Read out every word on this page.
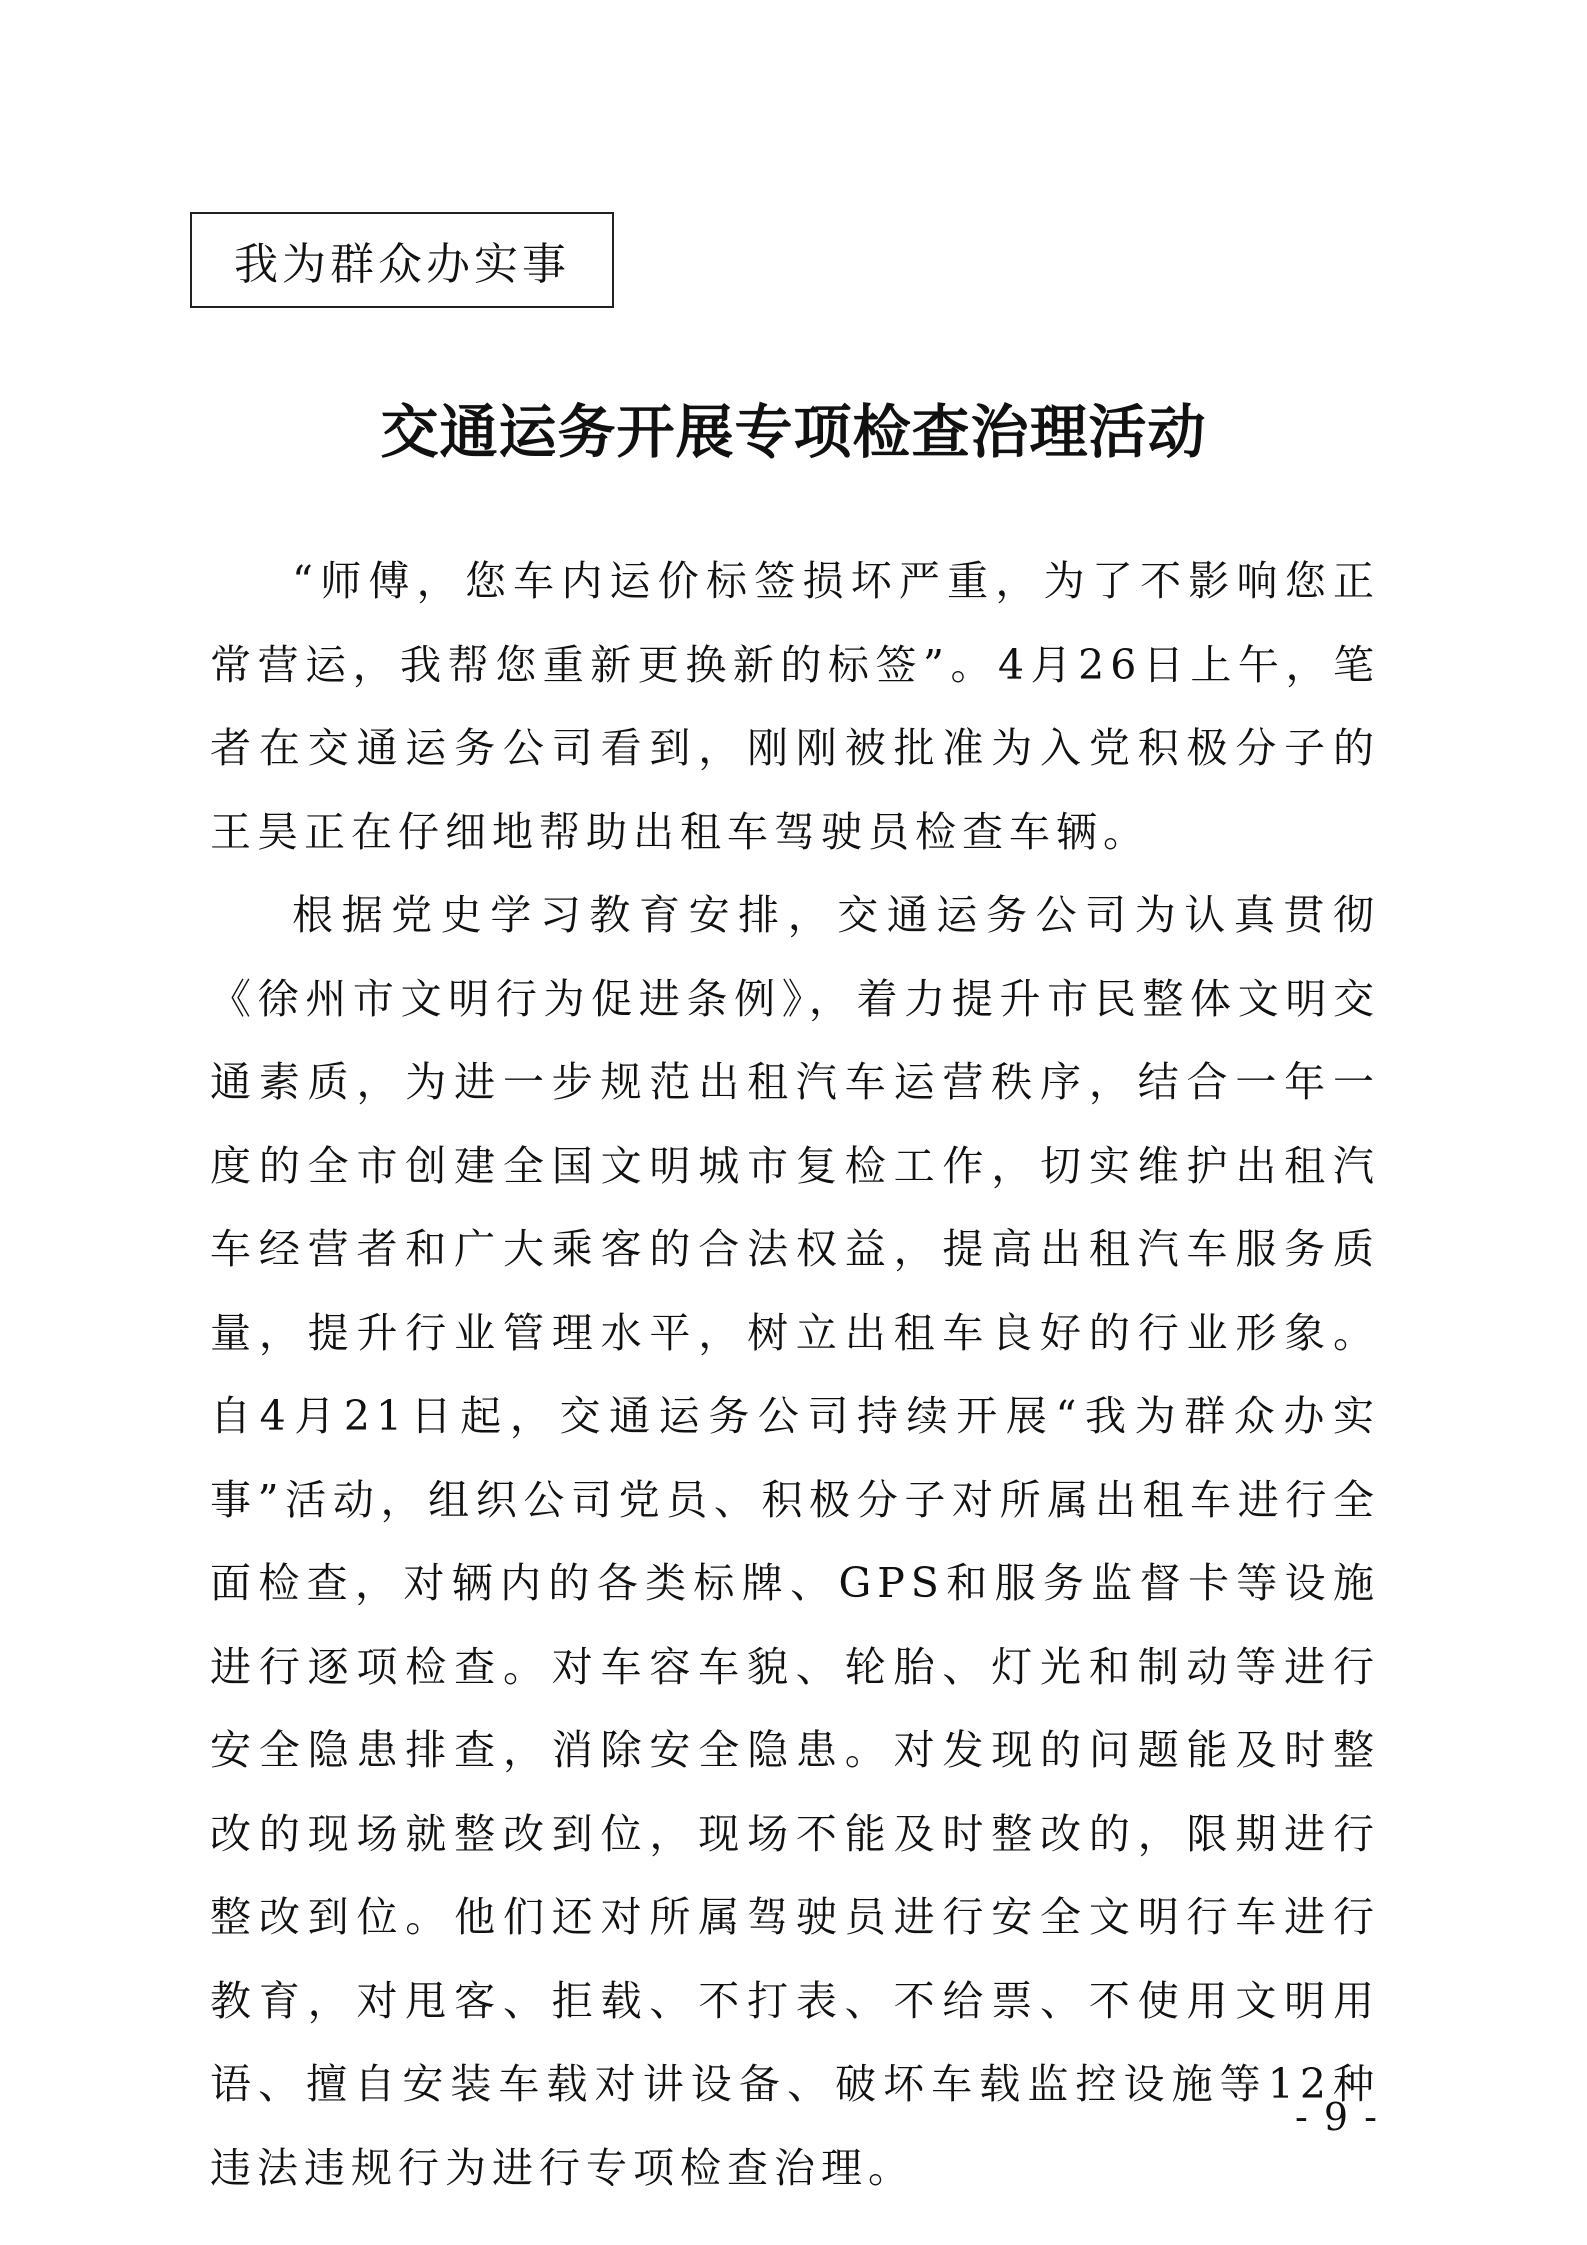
我为群众办实事
交通运务开展专项检查治理活动

“师傅，您车内运价标签损坏严重，为了不影响您正常营运，我帮您重新更换新的标签”。4月26日上午，笔者在交通运务公司看到，刚刚被批准为入党积极分子的王昊正在仔细地帮助出租车驾驶员检查车辆。

根据党史学习教育安排，交通运务公司为认真贯彻《徐州市文明行为促进条例》，着力提升市民整体文明交通素质，为进一步规范出租汽车运营秩序，结合一年一度的全市创建全国文明城市复检工作，切实维护出租汽车经营者和广大乘客的合法权益，提高出租汽车服务质量，提升行业管理水平，树立出租车良好的行业形象。自4月21日起，交通运务公司持续开展“我为群众办实事”活动，组织公司党员、积极分子对所属出租车进行全面检查，对辆内的各类标牌、GPS和服务监督卡等设施进行逐项检查。对车容车貌、轮胎、灯光和制动等进行安全隐患排查，消除安全隐患。对发现的问题能及时整改的现场就整改到位，现场不能及时整改的，限期进行整改到位。他们还对所属驾驶员进行安全文明行车进行教育，对甩客、拒载、不打表、不给票、不使用文明用语、擅自安装车载对讲设备、破坏车载监控设施等12种违法违规行为进行专项检查治理。

- 9 -
